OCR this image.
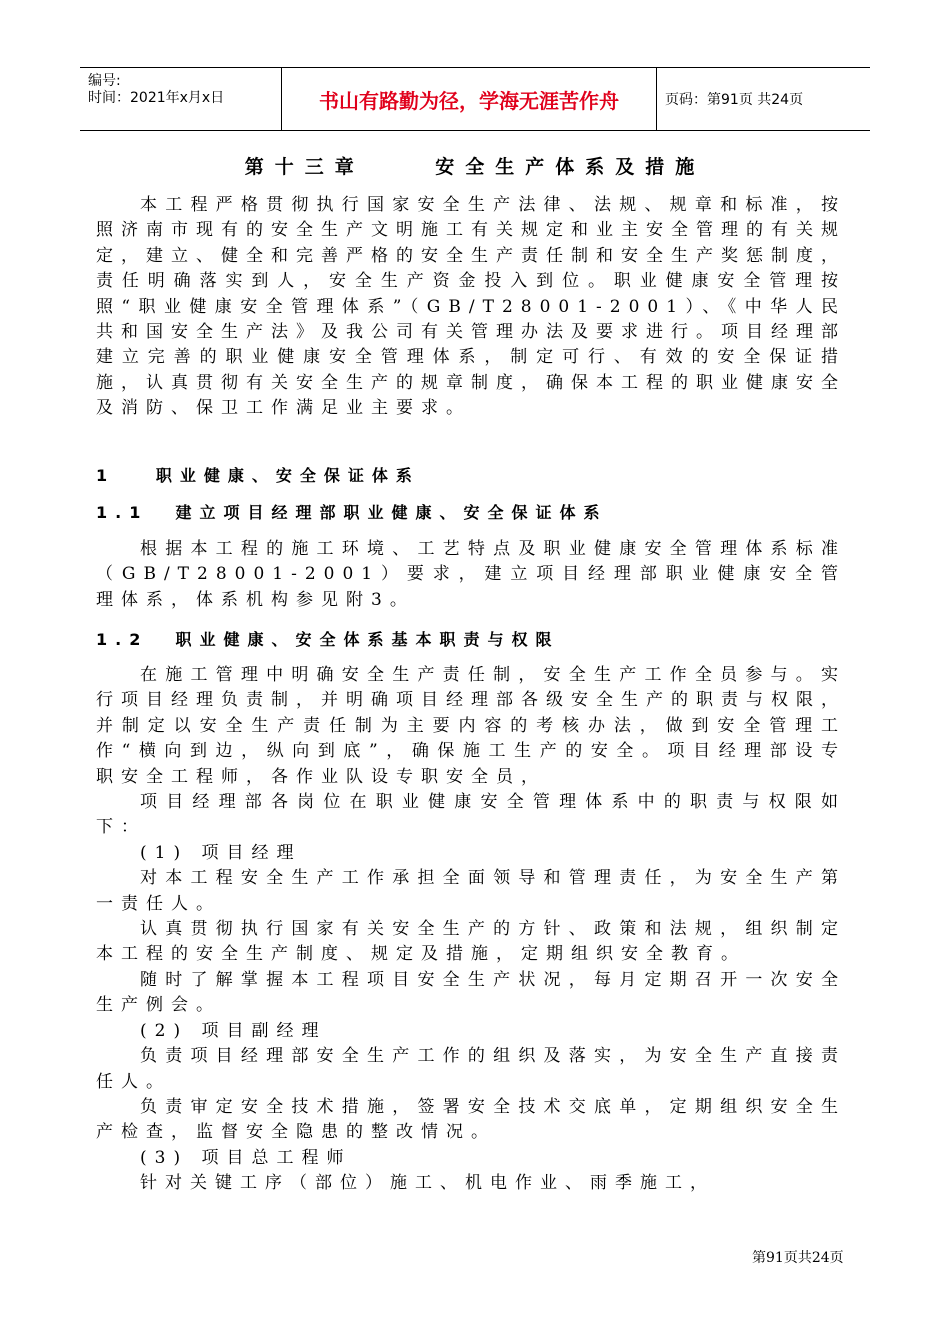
编号:
时间：2021年x月x日	书山有路勤为径，学海无涯苦作舟	页码：第91页 共24页
第十三章    安全生产体系及措施

本工程严格贯彻执行国家安全生产法律、法规、规章和标准，按照济南市现有的安全生产文明施工有关规定和业主安全管理的有关规定，建立、健全和完善严格的安全生产责任制和安全生产奖惩制度，责任明确落实到人，安全生产资金投入到位。职业健康安全管理按照“职业健康安全管理体系”（GB/T28001-2001）、《中华人民共和国安全生产法》及我公司有关管理办法及要求进行。项目经理部建立完善的职业健康安全管理体系，制定可行、有效的安全保证措施，认真贯彻有关安全生产的规章制度，确保本工程的职业健康安全及消防、保卫工作满足业主要求。

1   职业健康、安全保证体系
1.1  建立项目经理部职业健康、安全保证体系

根据本工程的施工环境、工艺特点及职业健康安全管理体系标准（GB/T28001-2001）要求，建立项目经理部职业健康安全管理体系，体系机构参见附3。

1.2  职业健康、安全体系基本职责与权限

在施工管理中明确安全生产责任制，安全生产工作全员参与。实行项目经理负责制，并明确项目经理部各级安全生产的职责与权限，并制定以安全生产责任制为主要内容的考核办法，做到安全管理工作“横向到边，纵向到底”，确保施工生产的安全。项目经理部设专职安全工程师，各作业队设专职安全员，

项目经理部各岗位在职业健康安全管理体系中的职责与权限如下：

(1) 项目经理

对本工程安全生产工作承担全面领导和管理责任，为安全生产第一责任人。

认真贯彻执行国家有关安全生产的方针、政策和法规，组织制定本工程的安全生产制度、规定及措施，定期组织安全教育。

随时了解掌握本工程项目安全生产状况，每月定期召开一次安全生产例会。

(2) 项目副经理

负责项目经理部安全生产工作的组织及落实，为安全生产直接责任人。

负责审定安全技术措施，签署安全技术交底单，定期组织安全生产检查，监督安全隐患的整改情况。

(3) 项目总工程师

针对关键工序（部位）施工、机电作业、雨季施工，

第91页共24页
